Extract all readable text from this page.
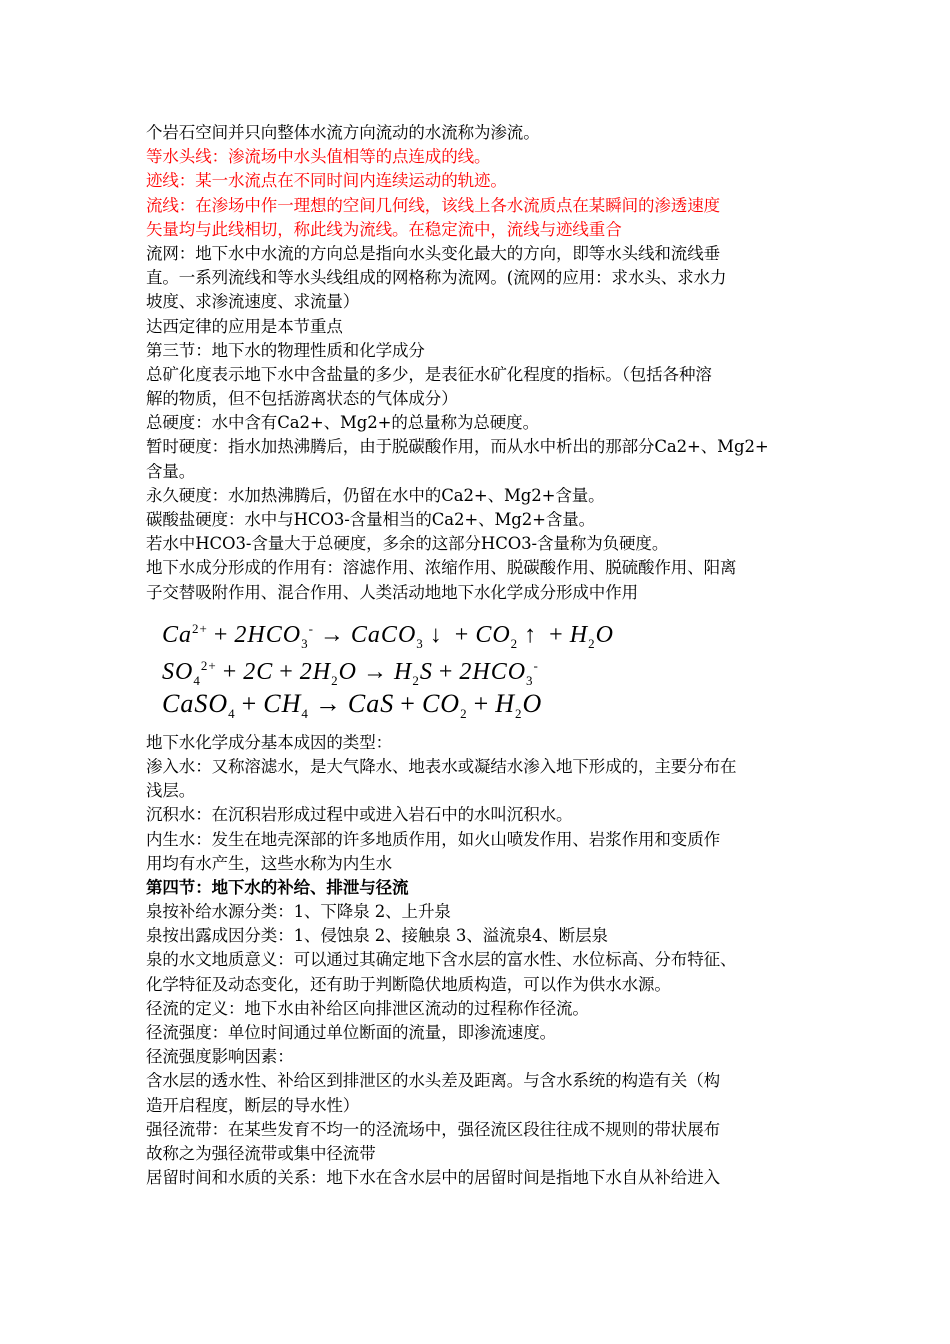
个岩石空间并只向整体水流方向流动的水流称为渗流。
等水头线：渗流场中水头值相等的点连成的线。
迹线：某一水流点在不同时间内连续运动的轨迹。
流线：在渗场中作一理想的空间几何线，该线上各水流质点在某瞬间的渗透速度
矢量均与此线相切，称此线为流线。在稳定流中，流线与迹线重合
流网：地下水中水流的方向总是指向水头变化最大的方向，即等水头线和流线垂
直。一系列流线和等水头线组成的网格称为流网。(流网的应用：求水头、求水力
坡度、求渗流速度、求流量）
达西定律的应用是本节重点
第三节：地下水的物理性质和化学成分
总矿化度表示地下水中含盐量的多少，是表征水矿化程度的指标。（包括各种溶
解的物质，但不包括游离状态的气体成分）
总硬度：水中含有Ca2+、Mg2+的总量称为总硬度。
暂时硬度：指水加热沸腾后，由于脱碳酸作用，而从水中析出的那部分Ca2+、Mg2+
含量。
永久硬度：水加热沸腾后，仍留在水中的Ca2+、Mg2+含量。
碳酸盐硬度：水中与HCO3-含量相当的Ca2+、Mg2+含量。
若水中HCO3-含量大于总硬度，多余的这部分HCO3-含量称为负硬度。
地下水成分形成的作用有：溶滤作用、浓缩作用、脱碳酸作用、脱硫酸作用、阳离
子交替吸附作用、混合作用、人类活动地地下水化学成分形成中作用
$Ca^{2+} + 2HCO_3^-$ → CaCO$_3$ ↓ + $CO_2$ ↑ + $H_2O$
$SO_4^{2+} + 2C + 2H_2O \to H_2S + 2HCO_3^-$
CaSO$_4$ + $CH_4$ → CaS + $CO_2 + H_2O$
地下水化学成分基本成因的类型：
渗入水：又称溶滤水，是大气降水、地表水或凝结水渗入地下形成的，主要分布在
浅层。
沉积水：在沉积岩形成过程中或进入岩石中的水叫沉积水。
内生水：发生在地壳深部的许多地质作用，如火山喷发作用、岩浆作用和变质作
用均有水产生，这些水称为内生水
第四节：地下水的补给、排泄与径流
泉按补给水源分类：1、下降泉 2、上升泉
泉按出露成因分类：1、侵蚀泉 2、接触泉 3、溢流泉4、断层泉
泉的水文地质意义：可以通过其确定地下含水层的富水性、水位标高、分布特征、
化学特征及动态变化，还有助于判断隐伏地质构造，可以作为供水水源。
径流的定义：地下水由补给区向排泄区流动的过程称作径流。
径流强度：单位时间通过单位断面的流量，即渗流速度。
径流强度影响因素：
含水层的透水性、补给区到排泄区的水头差及距离。与含水系统的构造有关（构
造开启程度，断层的导水性）
强径流带：在某些发育不均一的泾流场中，强径流区段往往成不规则的带状展布
故称之为强径流带或集中径流带
居留时间和水质的关系：地下水在含水层中的居留时间是指地下水自从补给进入
